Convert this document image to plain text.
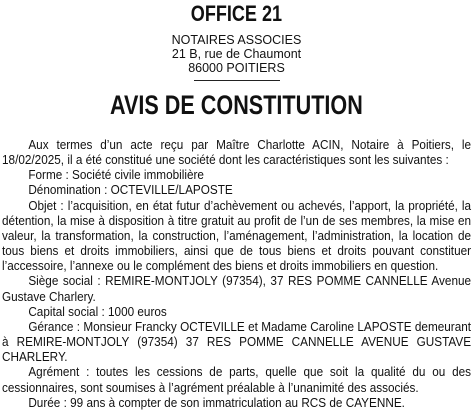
OFFICE 21
NOTAIRES ASSOCIES
21 B, rue de Chaumont
86000 POITIERS
AVIS DE CONSTITUTION

Aux termes d’un acte reçu par Maître Charlotte ACIN, Notaire à Poitiers, le 18/02/2025, il a été constitué une société dont les caractéristiques sont les suivantes :

Forme : Société civile immobilière

Dénomination : OCTEVILLE/LAPOSTE

Objet : l’acquisition, en état futur d’achèvement ou achevés, l’apport, la propriété, la détention, la mise à disposition à titre gratuit au profit de l’un de ses membres, la mise en valeur, la transformation, la construction, l’aménagement, l’administration, la location de tous biens et droits immobiliers, ainsi que de tous biens et droits pouvant constituer l’accessoire, l’annexe ou le complément des biens et droits immobiliers en question.

Siège social : REMIRE-MONTJOLY (97354), 37 RES POMME CANNELLE Avenue Gustave Charlery.

Capital social : 1000 euros

Gérance : Monsieur Francky OCTEVILLE et Madame Caroline LAPOSTE demeurant à REMIRE-MONTJOLY (97354) 37 RES POMME CANNELLE AVENUE GUSTAVE CHARLERY.

Agrément : toutes les cessions de parts, quelle que soit la qualité du ou des cessionnaires, sont soumises à l’agrément préalable à l’unanimité des associés.

Durée : 99 ans à compter de son immatriculation au RCS de CAYENNE.
